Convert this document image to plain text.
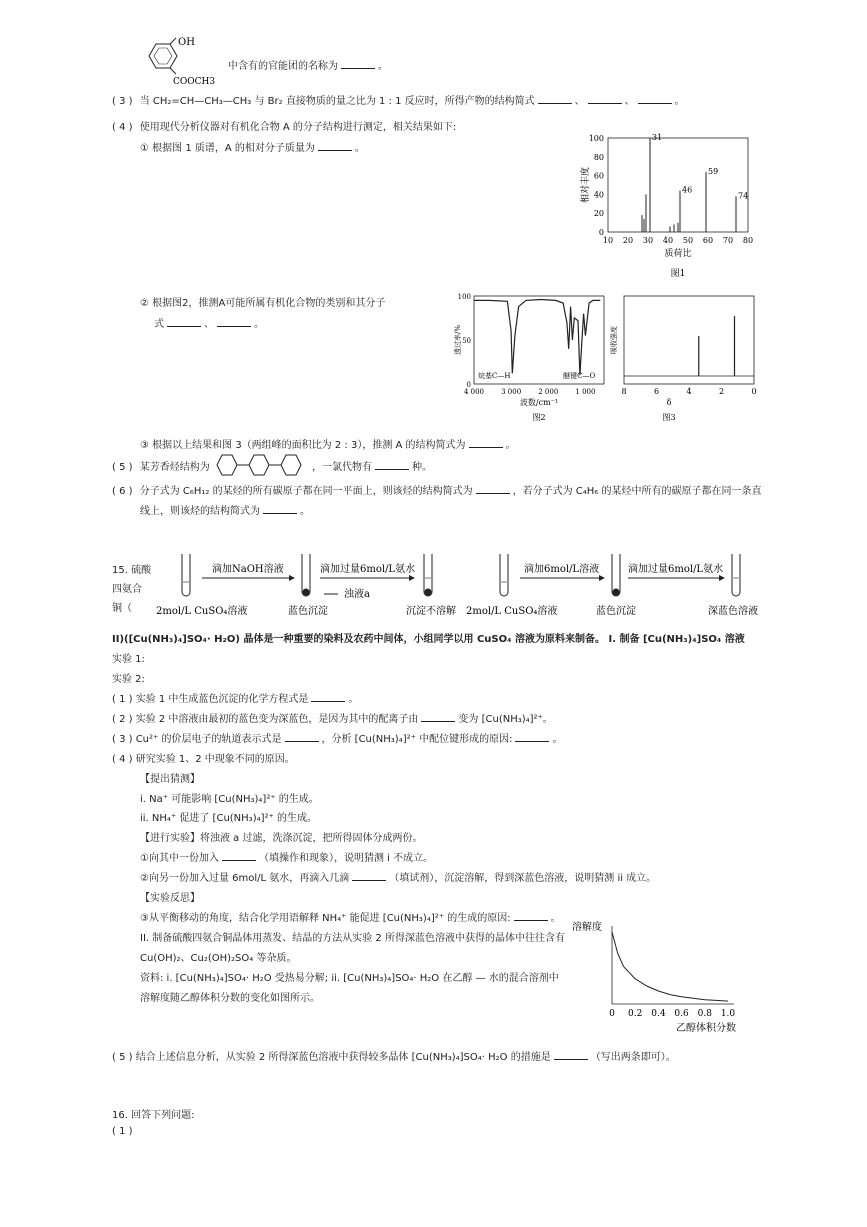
OH
COOCH3
中含有的官能团的名称为	。
( 3 ) 当 CH₂=CH—CH₃—CH₃ 与 Br₂ 直接物质的量之比为 1 : 1 反应时，所得产物的结构简式	、	、	。
( 4 ) 使用现代分析仪器对有机化合物 A 的分子结构进行测定，相关结果如下:
① 根据图 1 质谱，A 的相对分子质量为	。
100
80
60
40
20
0
10 20 30 40 50 60 70 80
31
46
59
74
相对丰度
质荷比
图1
② 根据图2，推测A可能所属有机化合物的类别和其分子
式	、	。
100
50
0
4 000 3 000 2 000 1 000
烷基C—H	醚键C—O
透过率/%
波数/cm⁻¹
图2
8	6	4	2	0
吸收强度
δ
图3
③ 根据以上结果和图 3（两组峰的面积比为 2 : 3），推测 A 的结构简式为	。
( 5 ) 某芳香烃结构为	，一氯代物有	种。
( 6 ) 分子式为 C₆H₁₂ 的某烃的所有碳原子都在同一平面上，则该烃的结构简式为	，若分子式为 C₄H₆ 的某烃中所有的碳原子都在同一条直
线上，则该烃的结构简式为	。
15. 硫酸
四氨合
铜（
滴加NaOH溶液	滴加过量6mol/L氨水
浊液a
2mol/L CuSO₄溶液	蓝色沉淀	沉淀不溶解
滴加6mol/L溶液	滴加过量6mol/L氨水
2mol/L CuSO₄溶液	蓝色沉淀	深蓝色溶液
II)([Cu(NH₃)₄]SO₄· H₂O) 晶体是一种重要的染料及农药中间体，小组同学以用 CuSO₄ 溶液为原料来制备。 I. 制备 [Cu(NH₃)₄]SO₄ 溶液
实验 1:
实验 2:
( 1 ) 实验 1 中生成蓝色沉淀的化学方程式是	。
( 2 ) 实验 2 中溶液由最初的蓝色变为深蓝色，是因为其中的配离子由	变为 [Cu(NH₃)₄]²⁺。
( 3 ) Cu²⁺ 的价层电子的轨道表示式是	，分析 [Cu(NH₃)₄]²⁺ 中配位键形成的原因:	。
( 4 ) 研究实验 1、2 中现象不同的原因。
【提出猜测】
i. Na⁺ 可能影响 [Cu(NH₃)₄]²⁺ 的生成。
ii. NH₄⁺ 促进了 [Cu(NH₃)₄]²⁺ 的生成。
【进行实验】将浊液 a 过滤，洗涤沉淀，把所得固体分成两份。
①向其中一份加入	（填操作和现象），说明猜测 i 不成立。
②向另一份加入过量 6mol/L 氨水，再滴入几滴	（填试剂），沉淀溶解，得到深蓝色溶液，说明猜测 ii 成立。
【实验反思】
③从平衡移动的角度，结合化学用语解释 NH₄⁺ 能促进 [Cu(NH₃)₄]²⁺ 的生成的原因:	。
II. 制备硫酸四氨合铜晶体用蒸发、结晶的方法从实验 2 所得深蓝色溶液中获得的晶体中往往含有
Cu(OH)₂、Cu₂(OH)₂SO₄ 等杂质。
资料: i. [Cu(NH₃)₄]SO₄· H₂O 受热易分解; ii. [Cu(NH₃)₄]SO₄· H₂O 在乙醇 — 水的混合溶剂中
溶解度随乙醇体积分数的变化如图所示。
0 0.2 0.4 0.6 0.8 1.0
溶解度
乙醇体积分数
( 5 ) 结合上述信息分析，从实验 2 所得深蓝色溶液中获得较多晶体 [Cu(NH₃)₄]SO₄· H₂O 的措施是	（写出两条即可）。
16. 回答下列问题:
( 1 )
